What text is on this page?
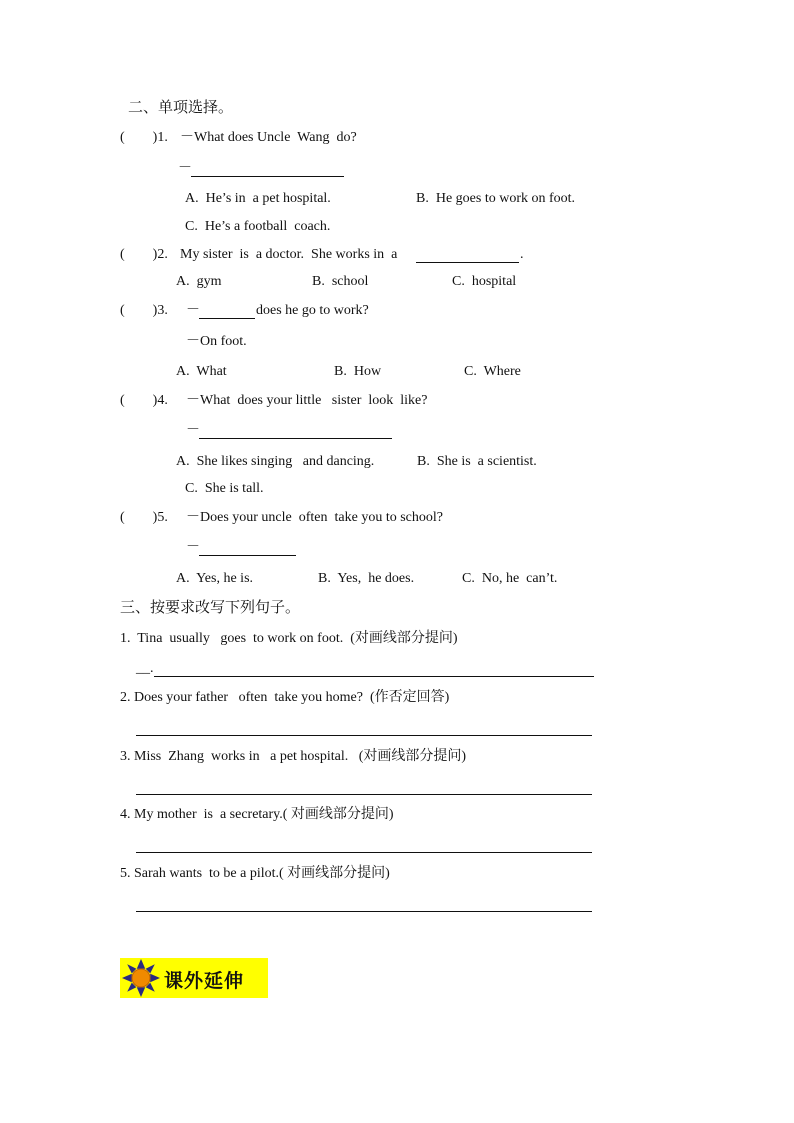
二、单项选择。
(        )1. －What does Uncle  Wang  do?
－
A.  He’s in  a pet hospital.	B.  He goes to work on foot.
C.  He’s a football  coach.
(        )2. My sister  is  a doctor.  She works in  a	.
A.  gym	B.  school	C.  hospital
(        )3. －	does he go to work?
－On foot.
A.  What	B.  How	C.  Where
(        )4. －What  does your little   sister  look  like?
－
A.  She likes singing   and dancing.	B.  She is  a scientist.
C.  She is tall.
(        )5. －Does your uncle  often  take you to school?
－
A.  Yes, he is.	B.  Yes,  he does.	C.  No, he  can’t.
三、按要求改写下列句子。
1.  Tina  usually   goes  to work on foot.  (对画线部分提问)
__.
2. Does your father   often  take you home?  (作否定回答)
3. Miss  Zhang  works in   a pet hospital.   (对画线部分提问)
4. My mother  is  a secretary.( 对画线部分提问)
5. Sarah wants  to be a pilot.( 对画线部分提问)
课外延伸
